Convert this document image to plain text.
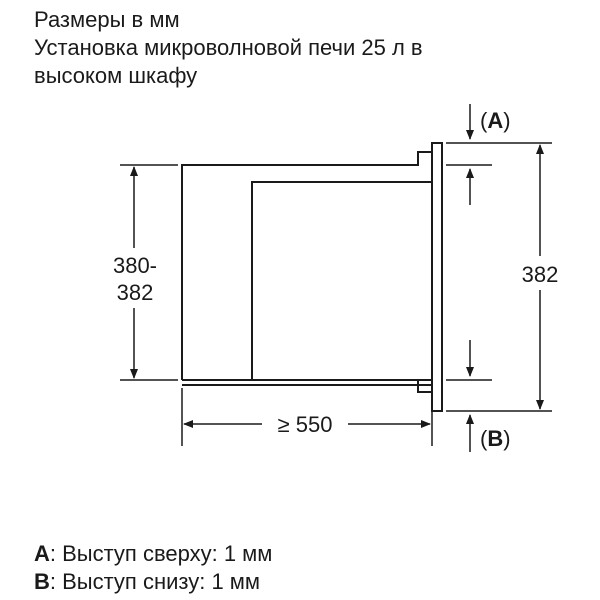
Размеры в мм
Установка микроволновой печи 25 л в
высоком шкафу
380-
382
≥ 550
(A)
382
(B)
A: Выступ сверху: 1 мм
B: Выступ снизу: 1 мм
